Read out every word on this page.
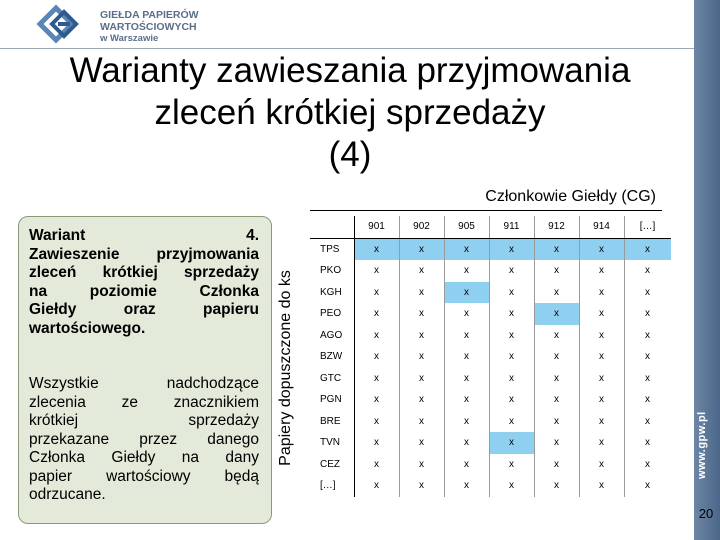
GIEŁDA PAPIERÓW
WARTOŚCIOWYCH
w Warszawie
www.gpw.pl
20
Warianty zawieszania przyjmowania
zleceń krótkiej sprzedaży
(4)
Członkowie Giełdy (CG)
Wariant 4.
Zawieszenie przyjmowania
zleceń krótkiej sprzedaży
na poziomie Członka
Giełdy oraz papieru
wartościowego.
Wszystkie nadchodzące
zlecenia ze znacznikiem
krótkiej sprzedaży
przekazane przez danego
Członka Giełdy na dany
papier wartościowy będą
odrzucane.
Papiery dopuszczone do ks
	901	902	905	911	912	914	[…]
TPS	x	x	x	x	x	x	x
PKO	x	x	x	x	x	x	x
KGH	x	x	x	x	x	x	x
PEO	x	x	x	x	x	x	x
AGO	x	x	x	x	x	x	x
BZW	x	x	x	x	x	x	x
GTC	x	x	x	x	x	x	x
PGN	x	x	x	x	x	x	x
BRE	x	x	x	x	x	x	x
TVN	x	x	x	x	x	x	x
CEZ	x	x	x	x	x	x	x
[…]	x	x	x	x	x	x	x
